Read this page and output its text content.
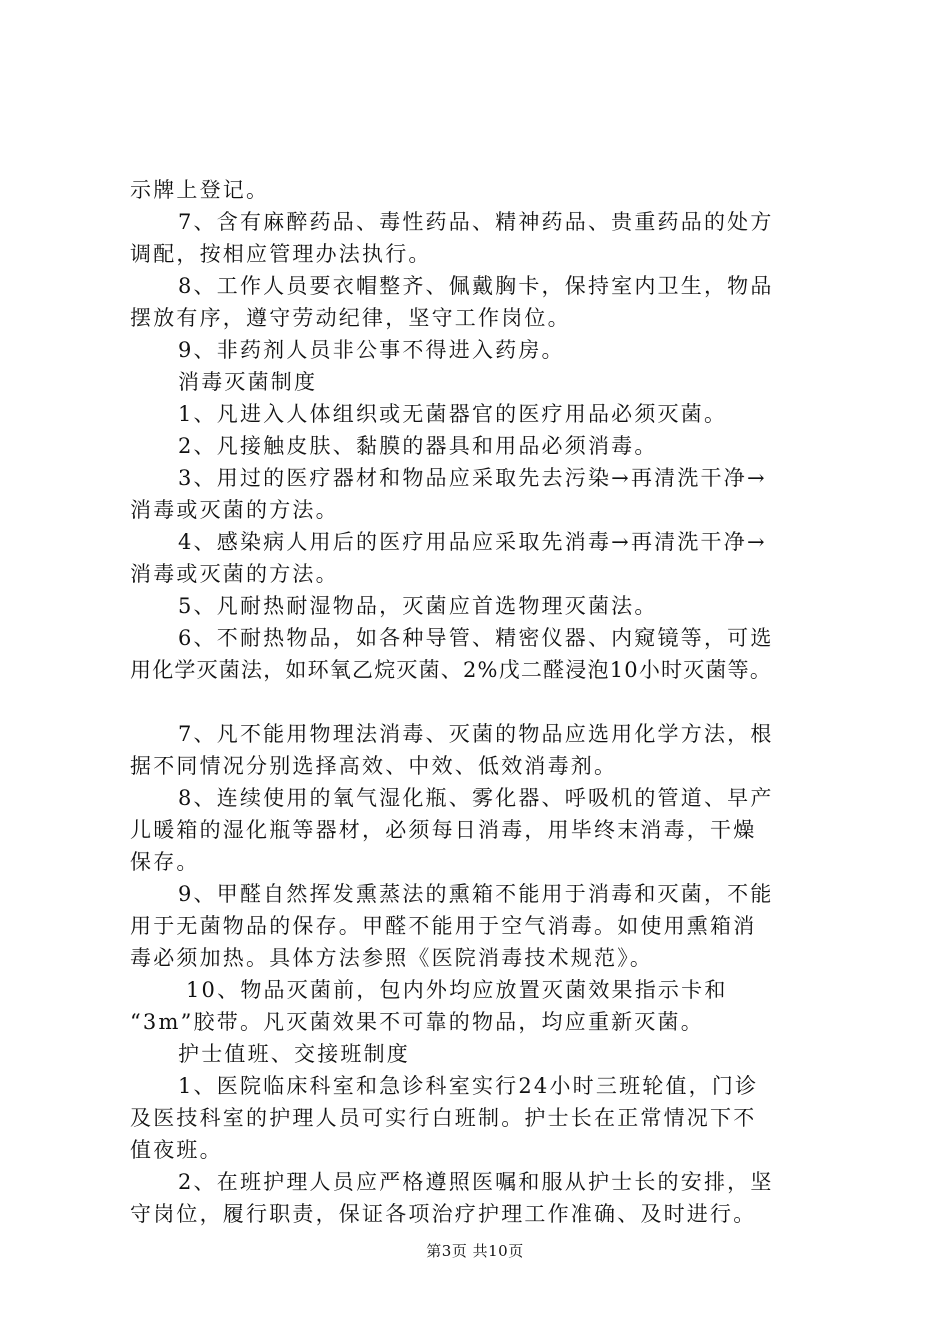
示牌上登记。
7、含有麻醉药品、毒性药品、精神药品、贵重药品的处方
调配，按相应管理办法执行。
8、工作人员要衣帽整齐、佩戴胸卡，保持室内卫生，物品
摆放有序，遵守劳动纪律，坚守工作岗位。
9、非药剂人员非公事不得进入药房。
消毒灭菌制度
1、凡进入人体组织或无菌器官的医疗用品必须灭菌。
2、凡接触皮肤、黏膜的器具和用品必须消毒。
3、用过的医疗器材和物品应采取先去污染→再清洗干净→
消毒或灭菌的方法。
4、感染病人用后的医疗用品应采取先消毒→再清洗干净→
消毒或灭菌的方法。
5、凡耐热耐湿物品，灭菌应首选物理灭菌法。
6、不耐热物品，如各种导管、精密仪器、内窥镜等，可选
用化学灭菌法，如环氧乙烷灭菌、2%戊二醛浸泡10小时灭菌等。
7、凡不能用物理法消毒、灭菌的物品应选用化学方法，根
据不同情况分别选择高效、中效、低效消毒剂。
8、连续使用的氧气湿化瓶、雾化器、呼吸机的管道、早产
儿暖箱的湿化瓶等器材，必须每日消毒，用毕终末消毒，干燥
保存。
9、甲醛自然挥发熏蒸法的熏箱不能用于消毒和灭菌，不能
用于无菌物品的保存。甲醛不能用于空气消毒。如使用熏箱消
毒必须加热。具体方法参照《医院消毒技术规范》。
10、物品灭菌前，包内外均应放置灭菌效果指示卡和
“3m”胶带。凡灭菌效果不可靠的物品，均应重新灭菌。
护士值班、交接班制度
1、医院临床科室和急诊科室实行24小时三班轮值，门诊
及医技科室的护理人员可实行白班制。护士长在正常情况下不
值夜班。
2、在班护理人员应严格遵照医嘱和服从护士长的安排，坚
守岗位，履行职责，保证各项治疗护理工作准确、及时进行。
第3页 共10页
